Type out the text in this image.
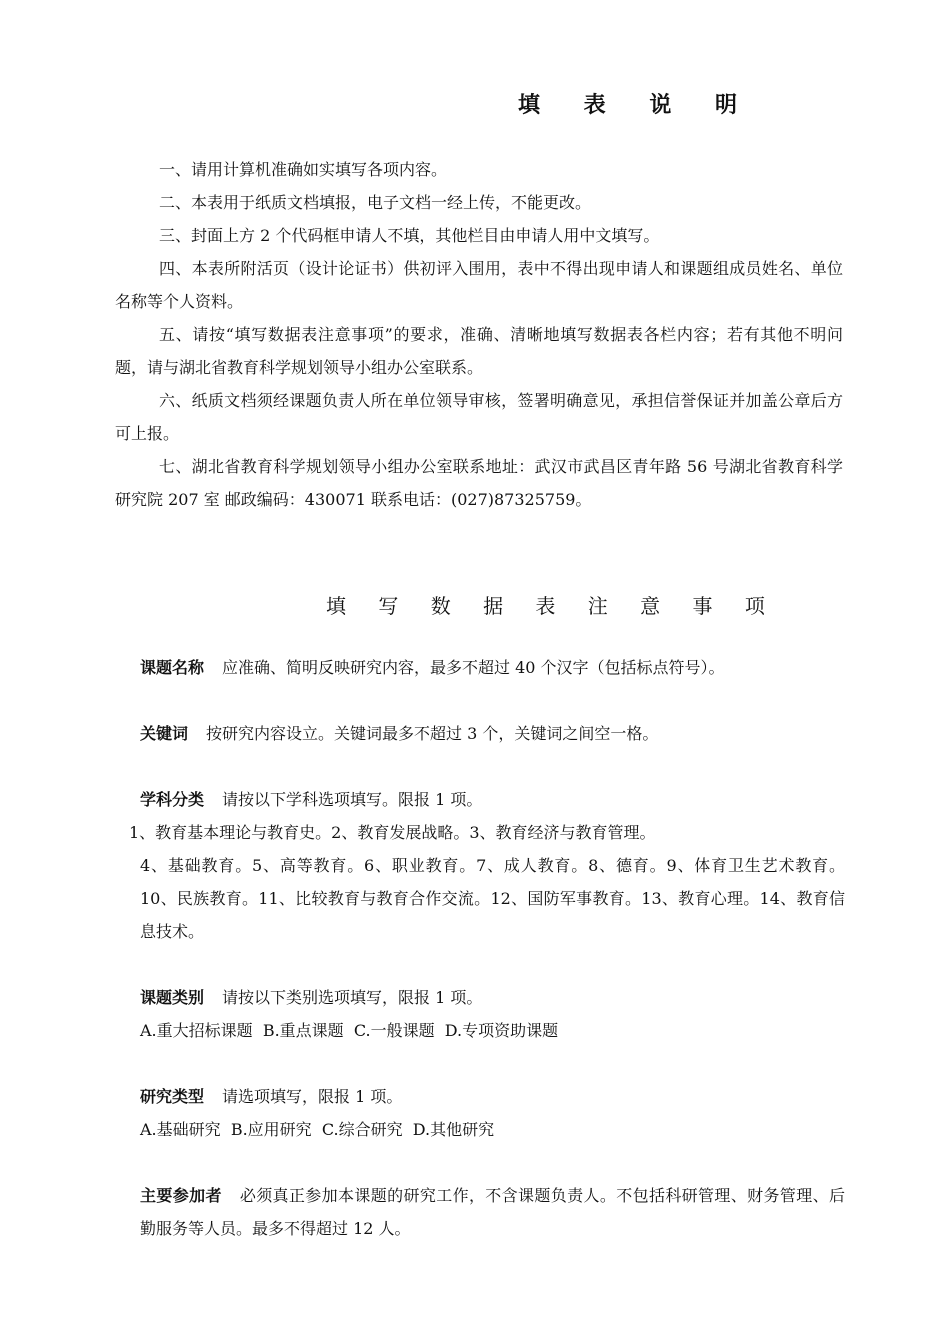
填 表 说 明
一、请用计算机准确如实填写各项内容。
二、本表用于纸质文档填报，电子文档一经上传，不能更改。
三、封面上方 2 个代码框申请人不填，其他栏目由申请人用中文填写。
四、本表所附活页（设计论证书）供初评入围用，表中不得出现申请人和课题组成员姓名、单位名称等个人资料。
五、请按“填写数据表注意事项”的要求，准确、清晰地填写数据表各栏内容；若有其他不明问题，请与湖北省教育科学规划领导小组办公室联系。
六、纸质文档须经课题负责人所在单位领导审核，签署明确意见，承担信誉保证并加盖公章后方可上报。
七、湖北省教育科学规划领导小组办公室联系地址：武汉市武昌区青年路 56 号湖北省教育科学研究院 207 室 邮政编码：430071 联系电话：(027)87325759。
填 写 数 据 表 注 意 事 项
课题名称 应准确、简明反映研究内容，最多不超过 40 个汉字（包括标点符号）。
关键词 按研究内容设立。关键词最多不超过 3 个，关键词之间空一格。
学科分类 请按以下学科选项填写。限报 1 项。
1、教育基本理论与教育史。2、教育发展战略。3、教育经济与教育管理。
4、基础教育。5、高等教育。6、职业教育。7、成人教育。8、德育。9、体育卫生艺术教育。10、民族教育。11、比较教育与教育合作交流。12、国防军事教育。13、教育心理。14、教育信息技术。
课题类别 请按以下类别选项填写，限报 1 项。
A.重大招标课题  B.重点课题  C.一般课题  D.专项资助课题
研究类型 请选项填写，限报 1 项。
A.基础研究  B.应用研究  C.综合研究  D.其他研究
主要参加者 必须真正参加本课题的研究工作，不含课题负责人。不包括科研管理、财务管理、后勤服务等人员。最多不得超过 12 人。
